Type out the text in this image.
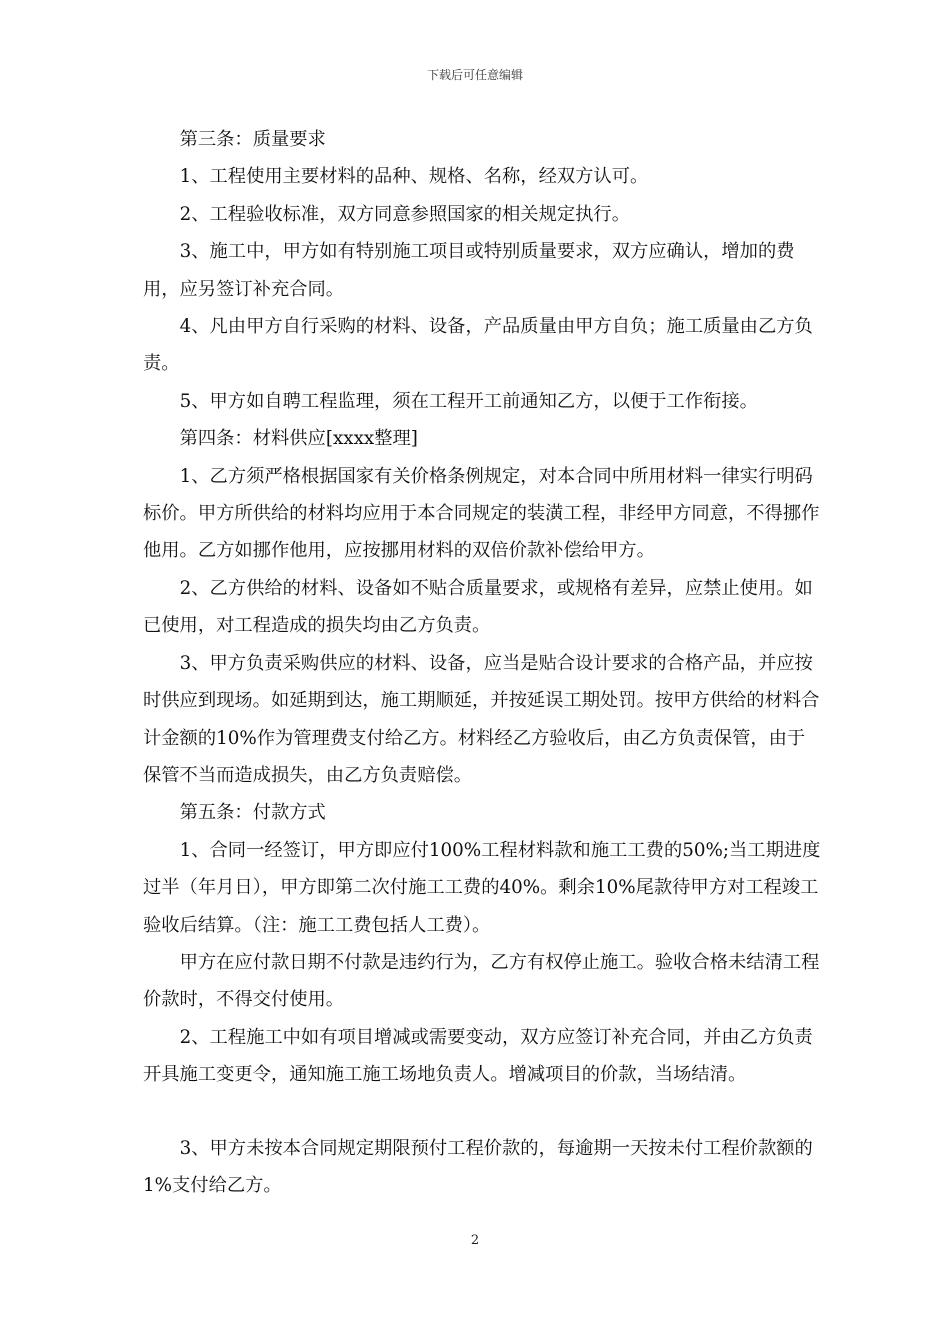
下载后可任意编辑

第三条：质量要求

1、工程使用主要材料的品种、规格、名称，经双方认可。

2、工程验收标准，双方同意参照国家的相关规定执行。

3、施工中，甲方如有特别施工项目或特别质量要求，双方应确认，增加的费用，应另签订补充合同。

4、凡由甲方自行采购的材料、设备，产品质量由甲方自负；施工质量由乙方负责。

5、甲方如自聘工程监理，须在工程开工前通知乙方，以便于工作衔接。

第四条：材料供应[xxxx整理]

1、乙方须严格根据国家有关价格条例规定，对本合同中所用材料一律实行明码标价。甲方所供给的材料均应用于本合同规定的装潢工程，非经甲方同意，不得挪作他用。乙方如挪作他用，应按挪用材料的双倍价款补偿给甲方。

2、乙方供给的材料、设备如不贴合质量要求，或规格有差异，应禁止使用。如已使用，对工程造成的损失均由乙方负责。

3、甲方负责采购供应的材料、设备，应当是贴合设计要求的合格产品，并应按时供应到现场。如延期到达，施工期顺延，并按延误工期处罚。按甲方供给的材料合计金额的10%作为管理费支付给乙方。材料经乙方验收后，由乙方负责保管，由于保管不当而造成损失，由乙方负责赔偿。

第五条：付款方式

1、合同一经签订，甲方即应付100%工程材料款和施工工费的50%;当工期进度过半（年月日），甲方即第二次付施工工费的40%。剩余10%尾款待甲方对工程竣工验收后结算。（注：施工工费包括人工费）。

甲方在应付款日期不付款是违约行为，乙方有权停止施工。验收合格未结清工程价款时，不得交付使用。

2、工程施工中如有项目增减或需要变动，双方应签订补充合同，并由乙方负责开具施工变更令，通知施工施工场地负责人。增减项目的价款，当场结清。

3、甲方未按本合同规定期限预付工程价款的，每逾期一天按未付工程价款额的1%支付给乙方。

2
